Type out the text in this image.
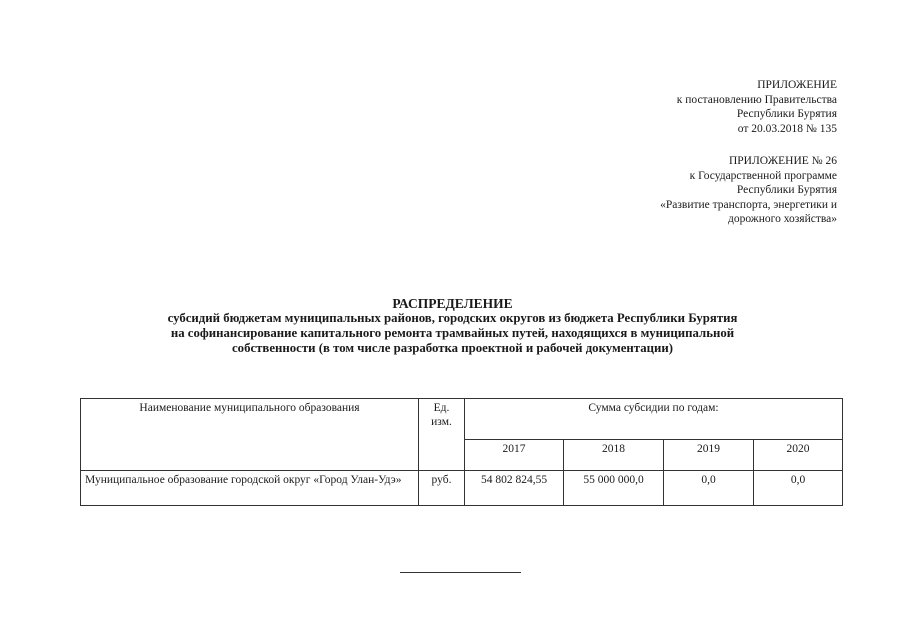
ПРИЛОЖЕНИЕ
к постановлению Правительства
Республики Бурятия
от 20.03.2018 № 135
ПРИЛОЖЕНИЕ № 26
к Государственной программе
Республики Бурятия
«Развитие транспорта, энергетики и
дорожного хозяйства»
РАСПРЕДЕЛЕНИЕ
субсидий бюджетам муниципальных районов, городских округов из бюджета Республики Бурятия
на софинансирование капитального ремонта трамвайных путей, находящихся в муниципальной
собственности (в том числе разработка проектной и рабочей документации)
Наименование муниципального образования	Ед. изм.	Сумма субсидии по годам:			
		2017	2018	2019	2020
Муниципальное образование городской округ «Город Улан-Удэ»	руб.	54 802 824,55	55 000 000,0	0,0	0,0
